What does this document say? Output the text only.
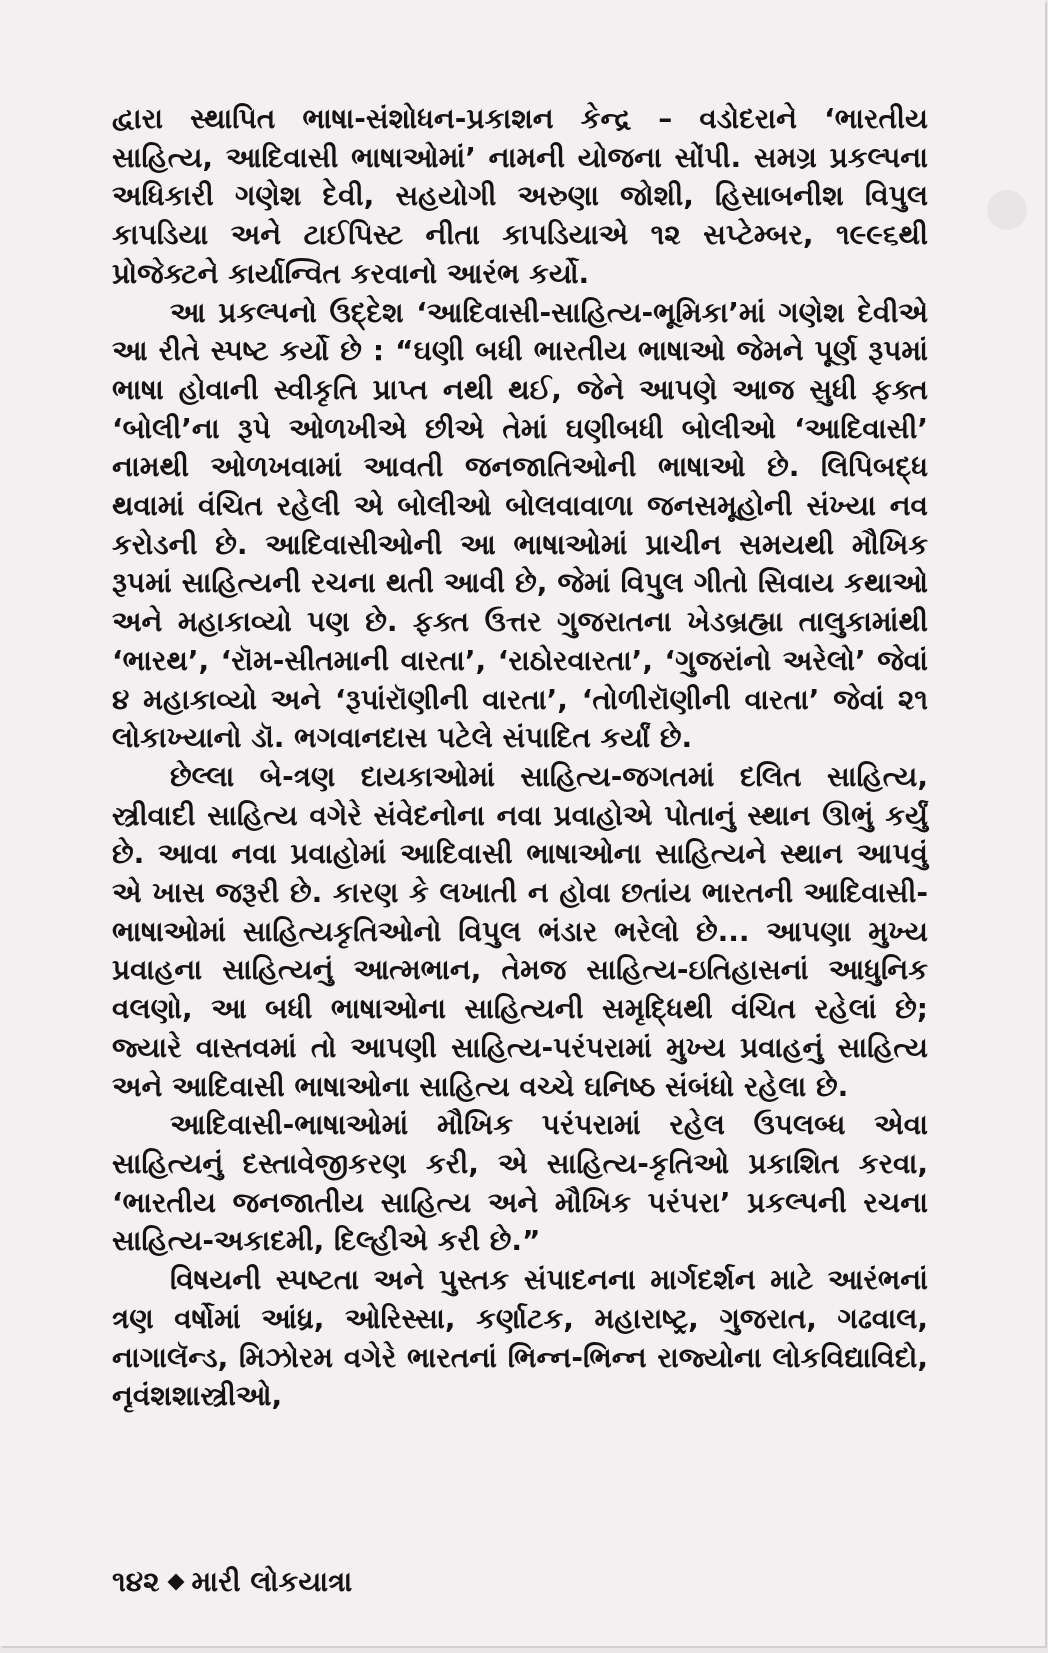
દ્વારા સ્થાપિત ભાષા-સંશોધન-પ્રકાશન કેન્દ્ર – વડોદરાને ‘ભારતીય સાહિત્ય, આદિવાસી ભાષાઓમાં’ નામની યોજના સોંપી. સમગ્ર પ્રકલ્પના અધિકારી ગણેશ દેવી, સહયોગી અરુણા જોશી, હિસાબનીશ વિપુલ કાપડિયા અને ટાઈપિસ્ટ નીતા કાપડિયાએ ૧૨ સપ્ટેમ્બર, ૧૯૯૬થી પ્રોજેક્ટને કાર્યાન્વિત કરવાનો આરંભ કર્યો.

આ પ્રકલ્પનો ઉદ્દેશ ‘આદિવાસી-સાહિત્ય-ભૂમિકા’માં ગણેશ દેવીએ આ રીતે સ્પષ્ટ કર્યો છે : “ઘણી બધી ભારતીય ભાષાઓ જેમને પૂર્ણ રૂપમાં ભાષા હોવાની સ્વીકૃતિ પ્રાપ્ત નથી થઈ, જેને આપણે આજ સુધી ફક્ત ‘બોલી’ના રૂપે ઓળખીએ છીએ તેમાં ઘણીબધી બોલીઓ ‘આદિવાસી’ નામથી ઓળખવામાં આવતી જનજાતિઓની ભાષાઓ છે. લિપિબદ્ધ થવામાં વંચિત રહેલી એ બોલીઓ બોલવાવાળા જનસમૂહોની સંખ્યા નવ કરોડની છે. આદિવાસીઓની આ ભાષાઓમાં પ્રાચીન સમયથી મૌખિક રૂપમાં સાહિત્યની રચના થતી આવી છે, જેમાં વિપુલ ગીતો સિવાય કથાઓ અને મહાકાવ્યો પણ છે. ફક્ત ઉત્તર ગુજરાતના ખેડબ્રહ્મા તાલુકામાંથી ‘ભારથ’, ‘રૉમ-સીતમાની વારતા’, ‘રાઠોરવારતા’, ‘ગુજરાંનો અરેલો’ જેવાં ૪ મહાકાવ્યો અને ‘રૂપાંરૉણીની વારતા’, ‘તોળીરૉણીની વારતા’ જેવાં ૨૧ લોકાખ્યાનો ડૉ. ભગવાનદાસ પટેલે સંપાદિત કર્યાં છે.

છેલ્લા બે-ત્રણ દાયકાઓમાં સાહિત્ય-જગતમાં દલિત સાહિત્ય, સ્ત્રીવાદી સાહિત્ય વગેરે સંવેદનોના નવા પ્રવાહોએ પોતાનું સ્થાન ઊભું કર્યું છે. આવા નવા પ્રવાહોમાં આદિવાસી ભાષાઓના સાહિત્યને સ્થાન આપવું એ ખાસ જરૂરી છે. કારણ કે લખાતી ન હોવા છતાંય ભારતની આદિવાસી-ભાષાઓમાં સાહિત્યકૃતિઓનો વિપુલ ભંડાર ભરેલો છે... આપણા મુખ્ય પ્રવાહના સાહિત્યનું આત્મભાન, તેમજ સાહિત્ય-ઇતિહાસનાં આધુનિક વલણો, આ બધી ભાષાઓના સાહિત્યની સમૃદ્ધિથી વંચિત રહેલાં છે; જ્યારે વાસ્તવમાં તો આપણી સાહિત્ય-પરંપરામાં મુખ્ય પ્રવાહનું સાહિત્ય અને આદિવાસી ભાષાઓના સાહિત્ય વચ્ચે ઘનિષ્ઠ સંબંધો રહેલા છે.

આદિવાસી-ભાષાઓમાં મૌખિક પરંપરામાં રહેલ ઉપલબ્ધ એવા સાહિત્યનું દસ્તાવેજીકરણ કરી, એ સાહિત્ય-કૃતિઓ પ્રકાશિત કરવા, ‘ભારતીય જનજાતીય સાહિત્ય અને મૌખિક પરંપરા’ પ્રકલ્પની રચના સાહિત્ય-અકાદમી, દિલ્હીએ કરી છે.”

વિષયની સ્પષ્ટતા અને પુસ્તક સંપાદનના માર્ગદર્શન માટે આરંભનાં ત્રણ વર્ષોમાં આંધ્ર, ઓરિસ્સા, કર્ણાટક, મહારાષ્ટ્ર, ગુજરાત, ગઢવાલ, નાગાલૅન્ડ, મિઝોરમ વગેરે ભારતનાં ભિન્ન-ભિન્ન રાજ્યોના લોકવિદ્યાવિદો, નૃવંશશાસ્ત્રીઓ,

૧૪૨ મારી લોકયાત્રા
